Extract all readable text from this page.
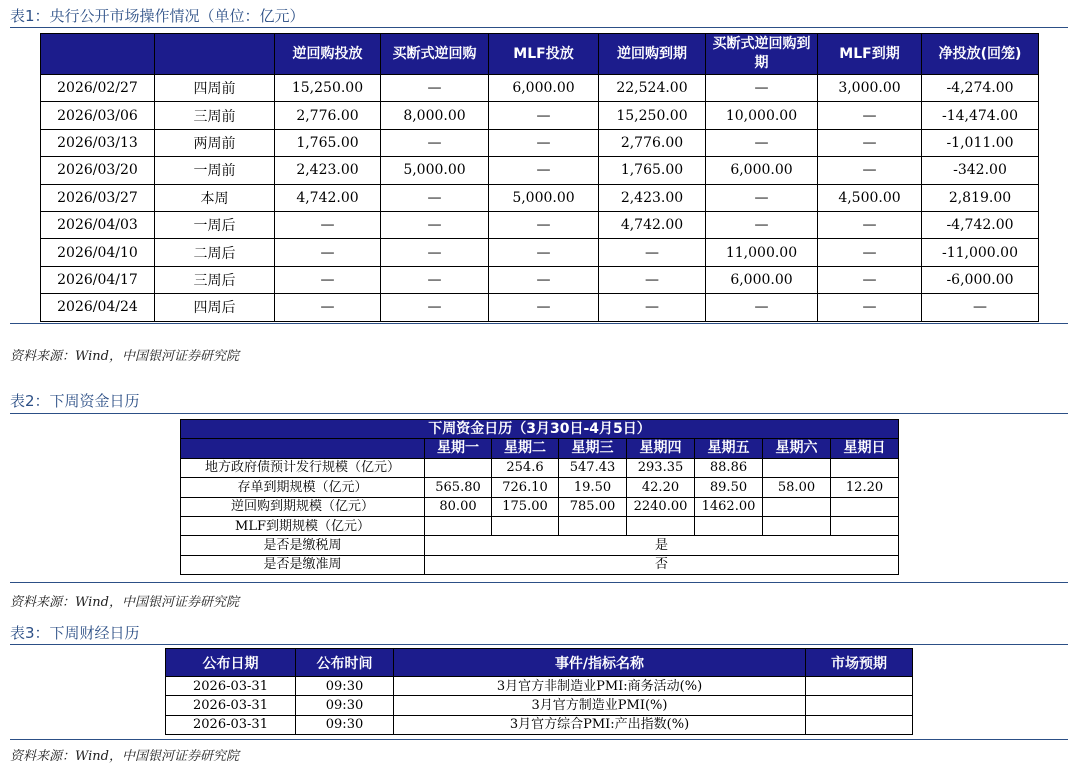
表1：央行公开市场操作情况（单位：亿元）
		逆回购投放	买断式逆回购	MLF投放	逆回购到期	买断式逆回购到期	MLF到期	净投放(回笼)
2026/02/27	四周前	15,250.00	—	6,000.00	22,524.00	—	3,000.00	-4,274.00
2026/03/06	三周前	2,776.00	8,000.00	—	15,250.00	10,000.00	—	-14,474.00
2026/03/13	两周前	1,765.00	—	—	2,776.00	—	—	-1,011.00
2026/03/20	一周前	2,423.00	5,000.00	—	1,765.00	6,000.00	—	-342.00
2026/03/27	本周	4,742.00	—	5,000.00	2,423.00	—	4,500.00	2,819.00
2026/04/03	一周后	—	—	—	4,742.00	—	—	-4,742.00
2026/04/10	二周后	—	—	—	—	11,000.00	—	-11,000.00
2026/04/17	三周后	—	—	—	—	6,000.00	—	-6,000.00
2026/04/24	四周后	—	—	—	—	—	—	—
资料来源：Wind，中国银河证券研究院
表2：下周资金日历
下周资金日历（3月30日-4月5日）							
	星期一	星期二	星期三	星期四	星期五	星期六	星期日
地方政府债预计发行规模（亿元）		254.6	547.43	293.35	88.86		
存单到期规模（亿元）	565.80	726.10	19.50	42.20	89.50	58.00	12.20
逆回购到期规模（亿元）	80.00	175.00	785.00	2240.00	1462.00		
MLF到期规模（亿元）							
是否是缴税周	是						
是否是缴准周	否						
资料来源：Wind，中国银河证券研究院
表3：下周财经日历
公布日期	公布时间	事件/指标名称	市场预期
2026-03-31	09:30	3月官方非制造业PMI:商务活动(%)	
2026-03-31	09:30	3月官方制造业PMI(%)	
2026-03-31	09:30	3月官方综合PMI:产出指数(%)	
资料来源：Wind，中国银河证券研究院
